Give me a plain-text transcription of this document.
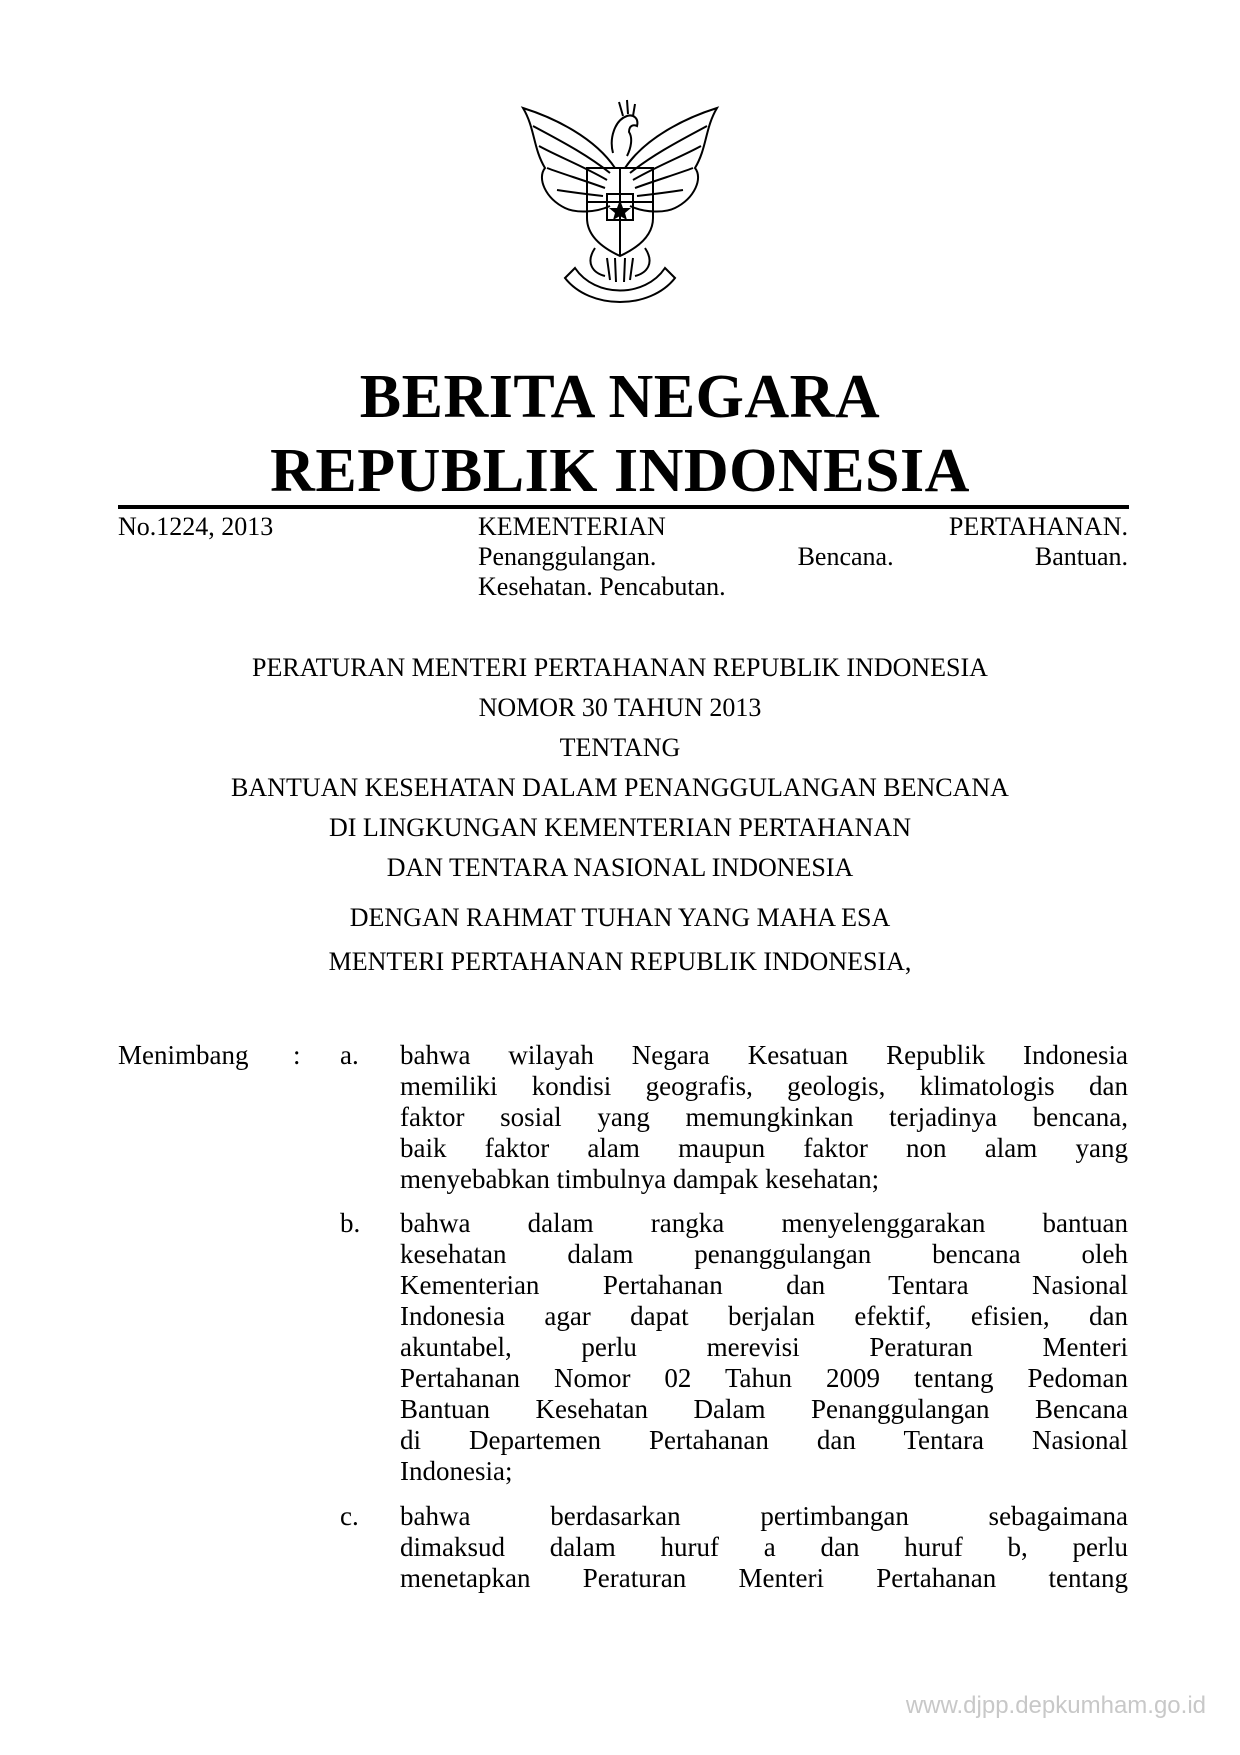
BERITA NEGARA
REPUBLIK INDONESIA
No.1224, 2013	KEMENTERIAN PERTAHANAN.
Penanggulangan. Bencana. Bantuan.
Kesehatan. Pencabutan.
PERATURAN MENTERI PERTAHANAN REPUBLIK INDONESIA
NOMOR 30 TAHUN 2013
TENTANG
BANTUAN KESEHATAN DALAM PENANGGULANGAN BENCANA
DI LINGKUNGAN KEMENTERIAN PERTAHANAN
DAN TENTARA NASIONAL INDONESIA
DENGAN RAHMAT TUHAN YANG MAHA ESA
MENTERI PERTAHANAN REPUBLIK INDONESIA,
Menimbang : a. bahwa wilayah Negara Kesatuan Republik Indonesia
memiliki kondisi geografis, geologis, klimatologis dan
faktor sosial yang memungkinkan terjadinya bencana,
baik faktor alam maupun faktor non alam yang
menyebabkan timbulnya dampak kesehatan;
b. bahwa dalam rangka menyelenggarakan bantuan
kesehatan dalam penanggulangan bencana oleh
Kementerian Pertahanan dan Tentara Nasional
Indonesia agar dapat berjalan efektif, efisien, dan
akuntabel, perlu merevisi Peraturan Menteri
Pertahanan Nomor 02 Tahun 2009 tentang Pedoman
Bantuan Kesehatan Dalam Penanggulangan Bencana
di Departemen Pertahanan dan Tentara Nasional
Indonesia;
c. bahwa berdasarkan pertimbangan sebagaimana
dimaksud dalam huruf a dan huruf b, perlu
menetapkan Peraturan Menteri Pertahanan tentang
www.djpp.depkumham.go.id
